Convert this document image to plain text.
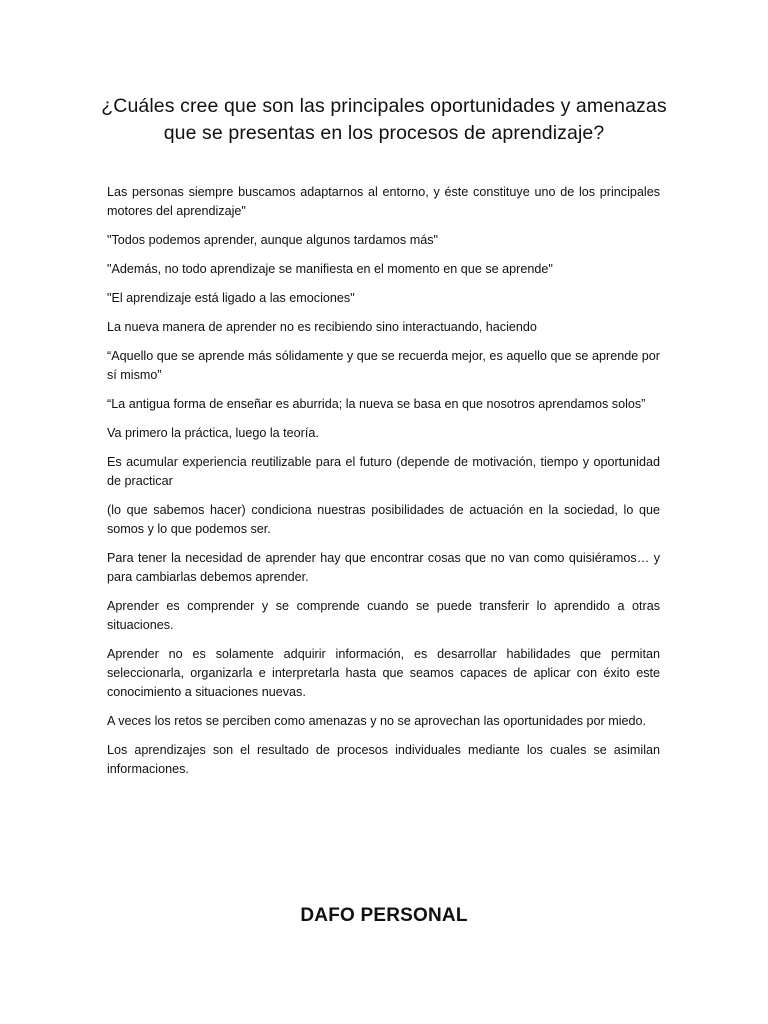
¿Cuáles cree que son las principales oportunidades y amenazas
que se presentas en los procesos de aprendizaje?

Las personas siempre buscamos adaptarnos al entorno, y éste constituye uno de los principales motores del aprendizaje"

"Todos podemos aprender, aunque algunos tardamos más"

"Además, no todo aprendizaje se manifiesta en el momento en que se aprende"

"El aprendizaje está ligado a las emociones"

La nueva manera de aprender no es recibiendo sino interactuando, haciendo

“Aquello que se aprende más sólidamente y que se recuerda mejor, es aquello que se aprende por sí mismo”

“La antigua forma de enseñar es aburrida; la nueva se basa en que nosotros aprendamos solos”

Va primero la práctica, luego la teoría.

Es acumular experiencia reutilizable para el futuro (depende de motivación, tiempo y oportunidad de practicar

(lo que sabemos hacer) condiciona nuestras posibilidades de actuación en la sociedad, lo que somos y lo que podemos ser.

Para tener la necesidad de aprender hay que encontrar cosas que no van como quisiéramos… y para cambiarlas debemos aprender.

Aprender es comprender y se comprende cuando se puede transferir lo aprendido a otras situaciones.

Aprender no es solamente adquirir información, es desarrollar habilidades que permitan seleccionarla, organizarla e interpretarla hasta que seamos capaces de aplicar con éxito este conocimiento a situaciones nuevas.

A veces los retos se perciben como amenazas y no se aprovechan las oportunidades por miedo.

Los aprendizajes son el resultado de procesos individuales mediante los cuales se asimilan informaciones.

DAFO PERSONAL
